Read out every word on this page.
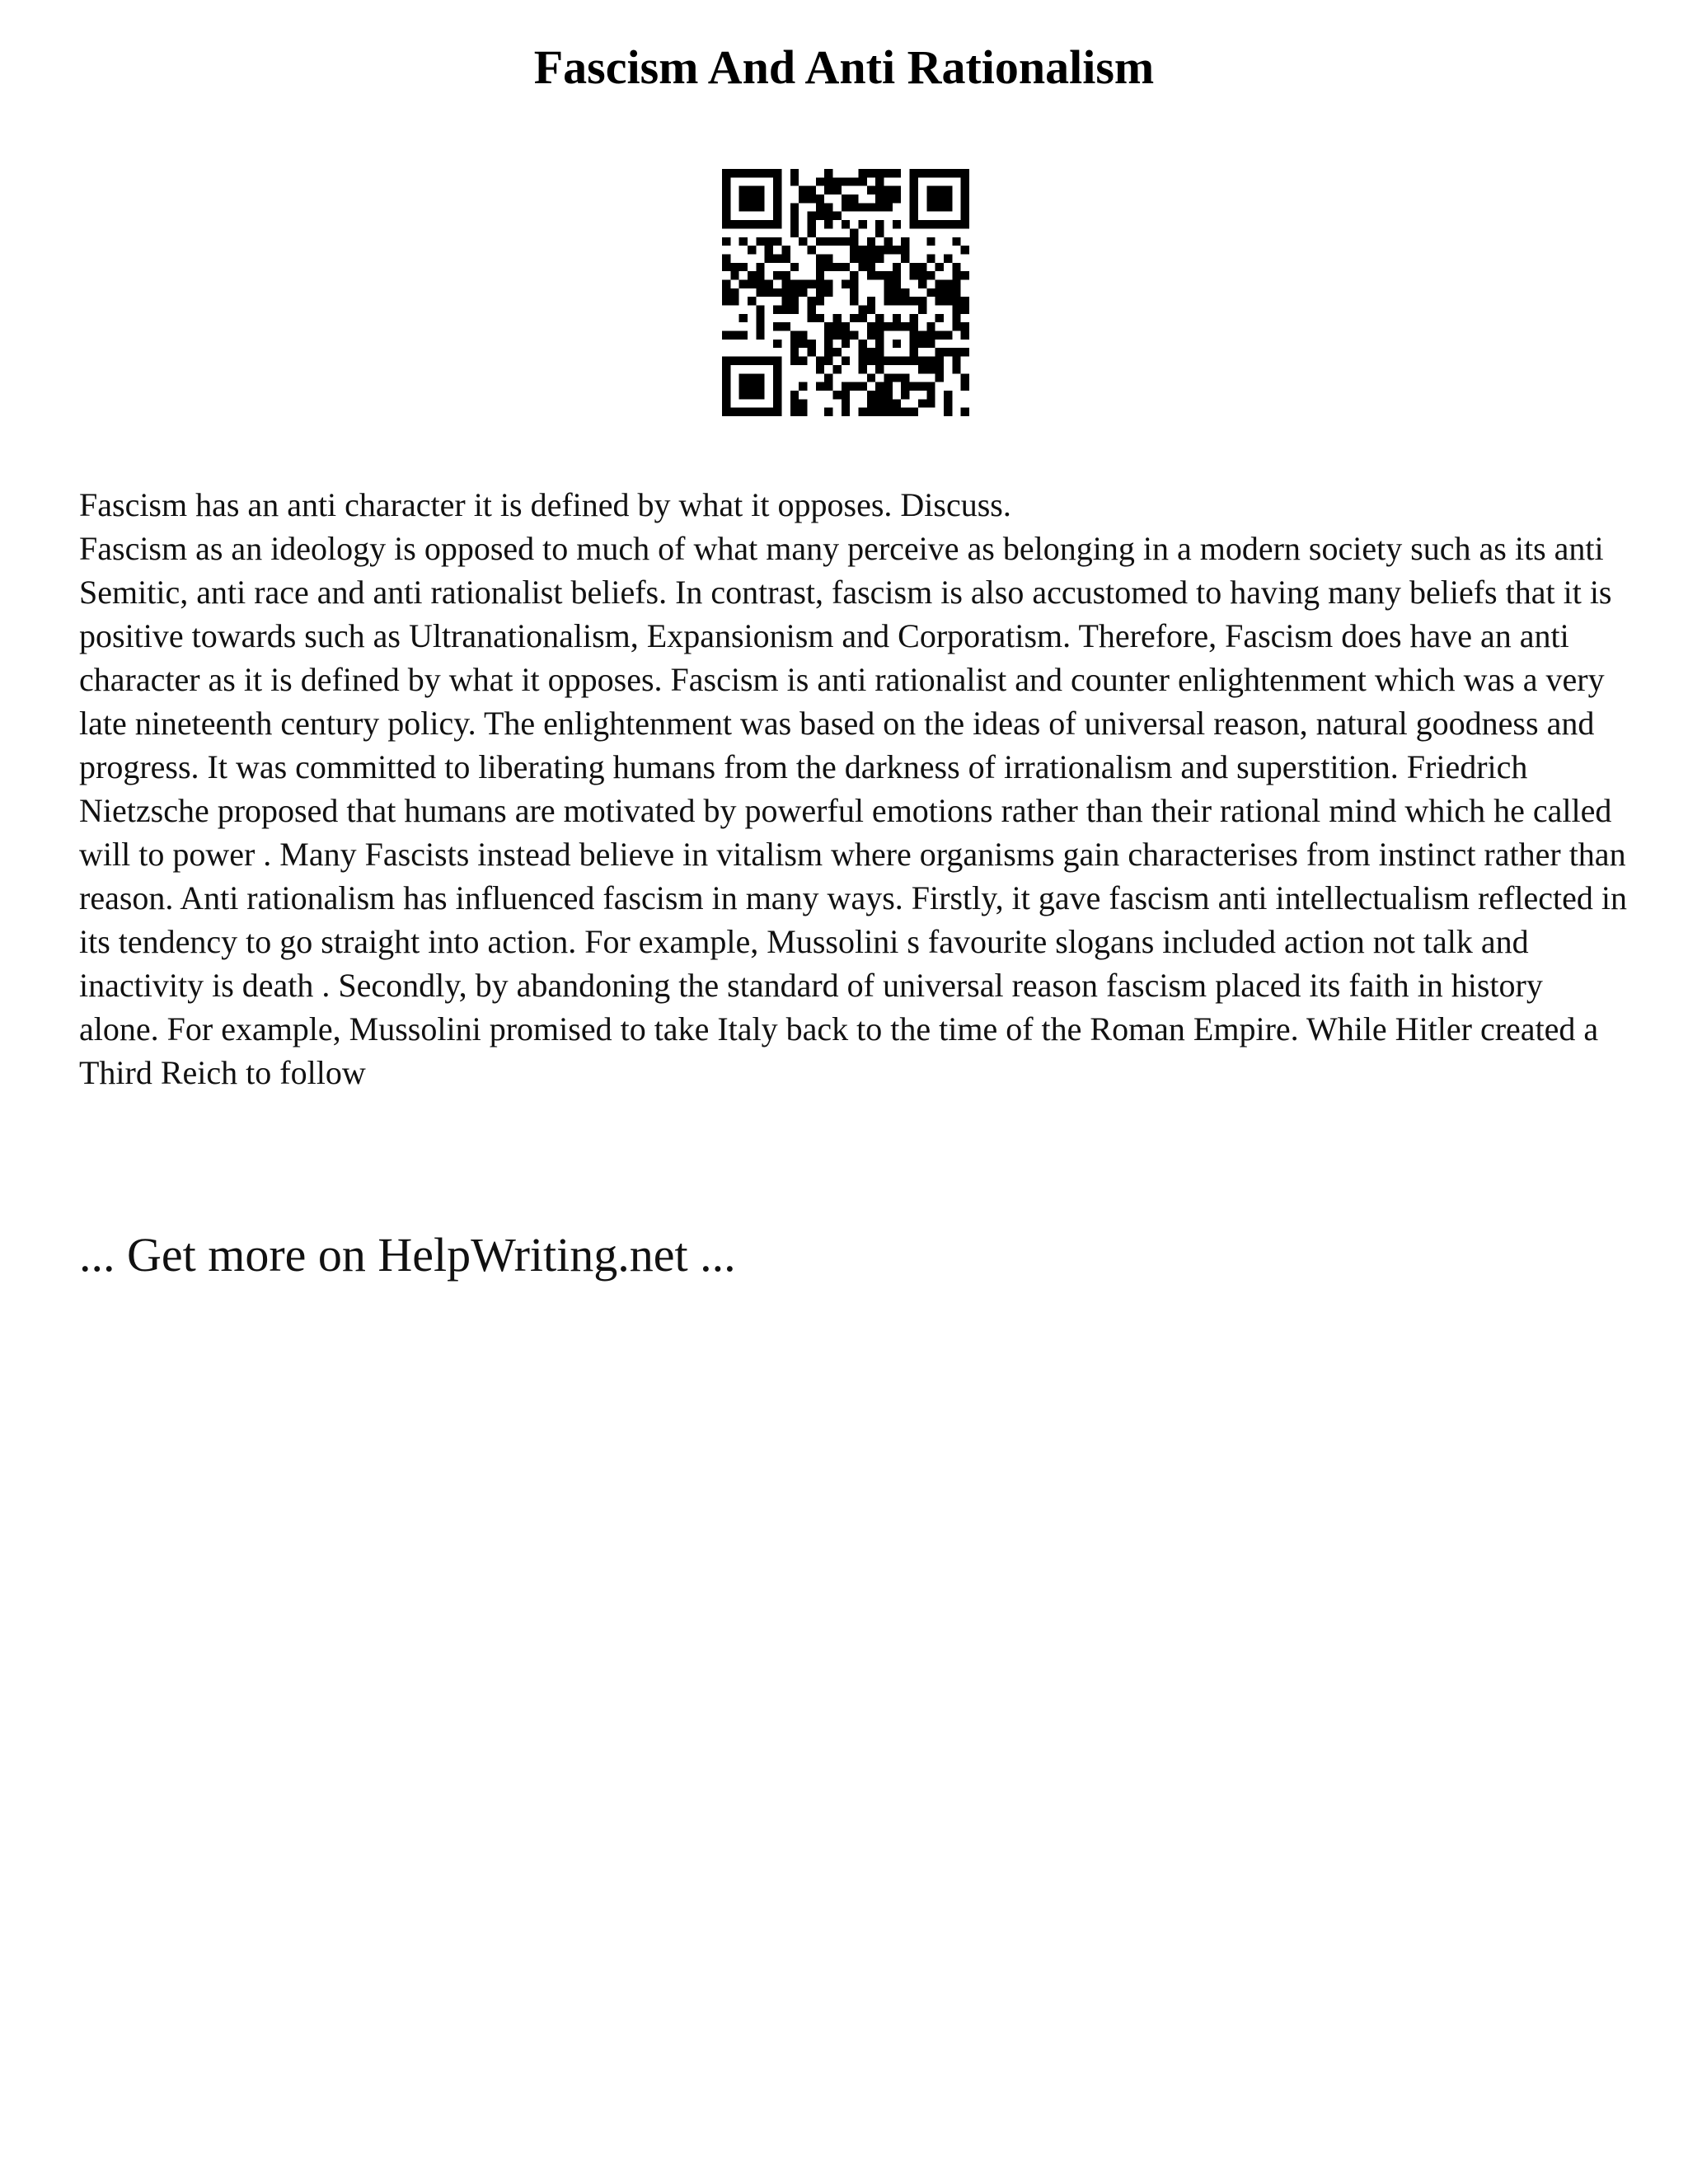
Fascism And Anti Rationalism

Fascism has an anti character it is defined by what it opposes. Discuss.

Fascism as an ideology is opposed to much of what many perceive as belonging in a modern society such as its anti Semitic, anti race and anti rationalist beliefs. In contrast, fascism is also accustomed to having many beliefs that it is positive towards such as Ultranationalism, Expansionism and Corporatism. Therefore, Fascism does have an anti character as it is defined by what it opposes. Fascism is anti rationalist and counter enlightenment which was a very late nineteenth century policy. The enlightenment was based on the ideas of universal reason, natural goodness and progress. It was committed to liberating humans from the darkness of irrationalism and superstition. Friedrich Nietzsche proposed that humans are motivated by powerful emotions rather than their rational mind which he called will to power . Many Fascists instead believe in vitalism where organisms gain characterises from instinct rather than reason. Anti rationalism has influenced fascism in many ways. Firstly, it gave fascism anti intellectualism reflected in its tendency to go straight into action. For example, Mussolini s favourite slogans included action not talk and inactivity is death . Secondly, by abandoning the standard of universal reason fascism placed its faith in history alone. For example, Mussolini promised to take Italy back to the time of the Roman Empire. While Hitler created a Third Reich to follow

... Get more on HelpWriting.net ...
